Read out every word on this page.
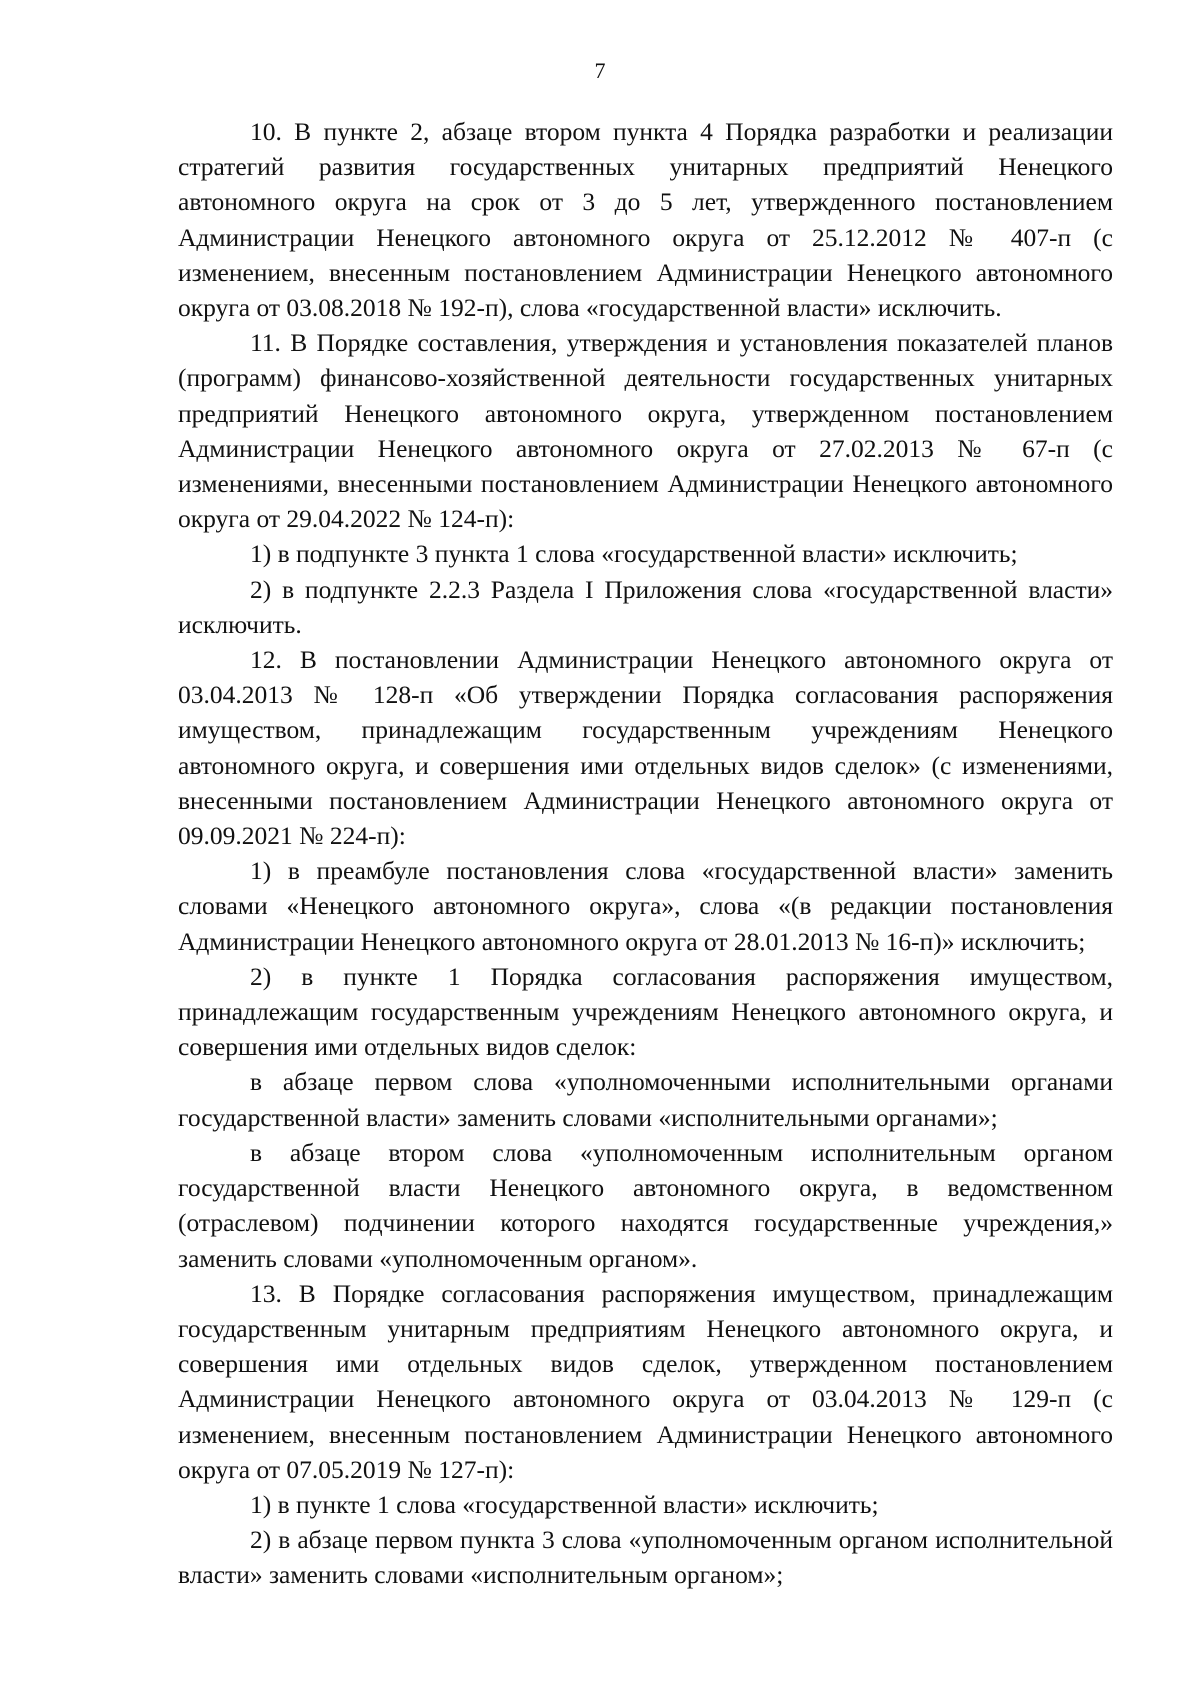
7

10. В пункте 2, абзаце втором пункта 4 Порядка разработки и реализации стратегий развития государственных унитарных предприятий Ненецкого автономного округа на срок от 3 до 5 лет, утвержденного постановлением Администрации Ненецкого автономного округа от 25.12.2012 № 407-п (с изменением, внесенным постановлением Администрации Ненецкого автономного округа от 03.08.2018 № 192-п), слова «государственной власти» исключить.

11. В Порядке составления, утверждения и установления показателей планов (программ) финансово-хозяйственной деятельности государственных унитарных предприятий Ненецкого автономного округа, утвержденном постановлением Администрации Ненецкого автономного округа от 27.02.2013 № 67-п (с изменениями, внесенными постановлением Администрации Ненецкого автономного округа от 29.04.2022 № 124-п):

1) в подпункте 3 пункта 1 слова «государственной власти» исключить;

2) в подпункте 2.2.3 Раздела I Приложения слова «государственной власти» исключить.

12. В постановлении Администрации Ненецкого автономного округа от 03.04.2013 № 128-п «Об утверждении Порядка согласования распоряжения имуществом, принадлежащим государственным учреждениям Ненецкого автономного округа, и совершения ими отдельных видов сделок» (с изменениями, внесенными постановлением Администрации Ненецкого автономного округа от 09.09.2021 № 224-п):

1) в преамбуле постановления слова «государственной власти» заменить словами «Ненецкого автономного округа», слова «(в редакции постановления Администрации Ненецкого автономного округа от 28.01.2013 № 16-п)» исключить;

2) в пункте 1 Порядка согласования распоряжения имуществом, принадлежащим государственным учреждениям Ненецкого автономного округа, и совершения ими отдельных видов сделок:

в абзаце первом слова «уполномоченными исполнительными органами государственной власти» заменить словами «исполнительными органами»;

в абзаце втором слова «уполномоченным исполнительным органом государственной власти Ненецкого автономного округа, в ведомственном (отраслевом) подчинении которого находятся государственные учреждения,» заменить словами «уполномоченным органом».

13. В Порядке согласования распоряжения имуществом, принадлежащим государственным унитарным предприятиям Ненецкого автономного округа, и совершения ими отдельных видов сделок, утвержденном постановлением Администрации Ненецкого автономного округа от 03.04.2013 № 129-п (с изменением, внесенным постановлением Администрации Ненецкого автономного округа от 07.05.2019 № 127-п):

1) в пункте 1 слова «государственной власти» исключить;

2) в абзаце первом пункта 3 слова «уполномоченным органом исполнительной власти» заменить словами «исполнительным органом»;
